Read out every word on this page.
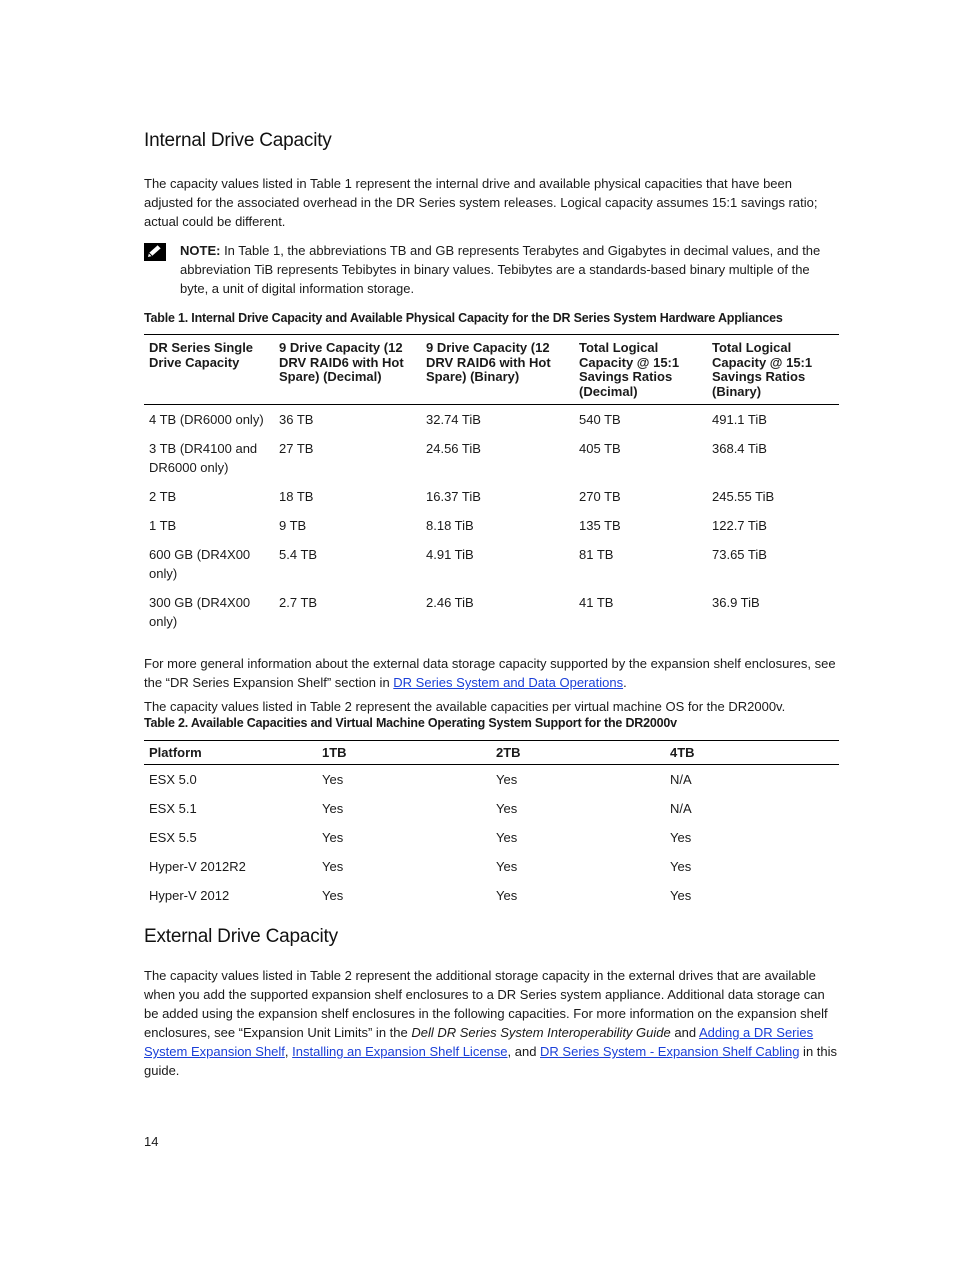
Internal Drive Capacity

The capacity values listed in Table 1 represent the internal drive and available physical capacities that have been adjusted for the associated overhead in the DR Series system releases. Logical capacity assumes 15:1 savings ratio; actual could be different.

NOTE: In Table 1, the abbreviations TB and GB represents Terabytes and Gigabytes in decimal values, and the abbreviation TiB represents Tebibytes in binary values. Tebibytes are a standards-based binary multiple of the byte, a unit of digital information storage.

Table 1. Internal Drive Capacity and Available Physical Capacity for the DR Series System Hardware Appliances
DR Series Single Drive Capacity	9 Drive Capacity (12 DRV RAID6 with Hot Spare) (Decimal)	9 Drive Capacity (12 DRV RAID6 with Hot Spare) (Binary)	Total Logical Capacity @ 15:1 Savings Ratios (Decimal)	Total Logical Capacity @ 15:1 Savings Ratios (Binary)
4 TB (DR6000 only)	36 TB	32.74 TiB	540 TB	491.1 TiB
3 TB (DR4100 and DR6000 only)	27 TB	24.56 TiB	405 TB	368.4 TiB
2 TB	18 TB	16.37 TiB	270 TB	245.55 TiB
1 TB	9 TB	8.18 TiB	135 TB	122.7 TiB
600 GB (DR4X00 only)	5.4 TB	4.91 TiB	81 TB	73.65 TiB
300 GB (DR4X00 only)	2.7 TB	2.46 TiB	41 TB	36.9 TiB

For more general information about the external data storage capacity supported by the expansion shelf enclosures, see the “DR Series Expansion Shelf” section in DR Series System and Data Operations.

The capacity values listed in Table 2 represent the available capacities per virtual machine OS for the DR2000v.

Table 2. Available Capacities and Virtual Machine Operating System Support for the DR2000v
Platform	1TB	2TB	4TB
ESX 5.0	Yes	Yes	N/A
ESX 5.1	Yes	Yes	N/A
ESX 5.5	Yes	Yes	Yes
Hyper-V 2012R2	Yes	Yes	Yes
Hyper-V 2012	Yes	Yes	Yes
External Drive Capacity

The capacity values listed in Table 2 represent the additional storage capacity in the external drives that are available when you add the supported expansion shelf enclosures to a DR Series system appliance. Additional data storage can be added using the expansion shelf enclosures in the following capacities. For more information on the expansion shelf enclosures, see “Expansion Unit Limits” in the Dell DR Series System Interoperability Guide and Adding a DR Series System Expansion Shelf, Installing an Expansion Shelf License, and DR Series System - Expansion Shelf Cabling in this guide.

14
